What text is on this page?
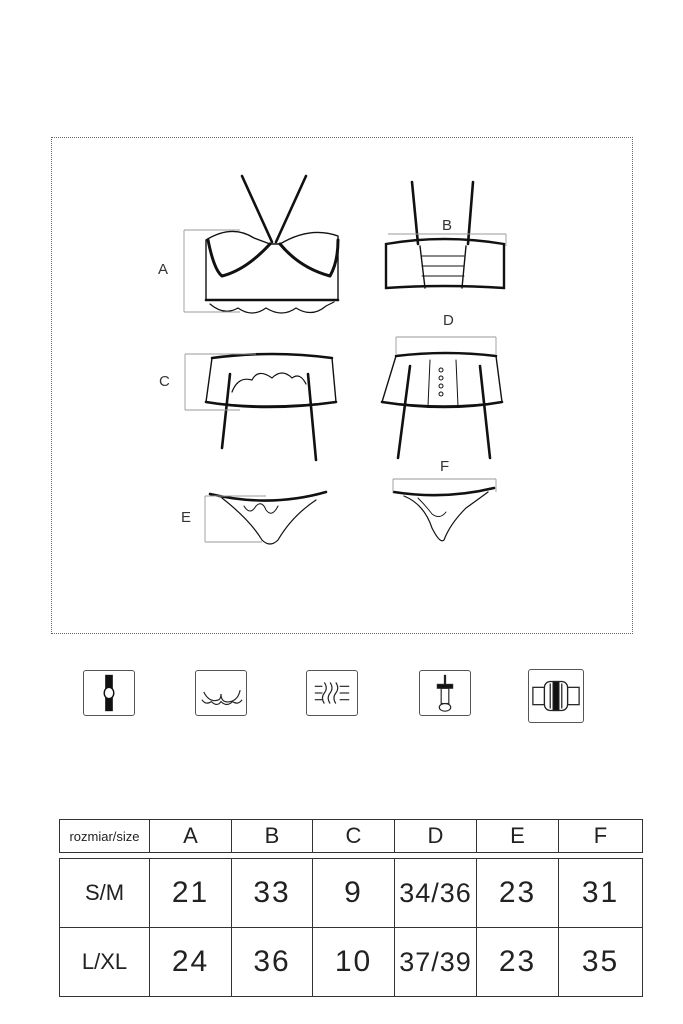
A
B
C
D
E
F
rozmiar/size	A	B	C	D	E	F

S/M	21	33	9	34/36	23	31
L/XL	24	36	10	37/39	23	35
